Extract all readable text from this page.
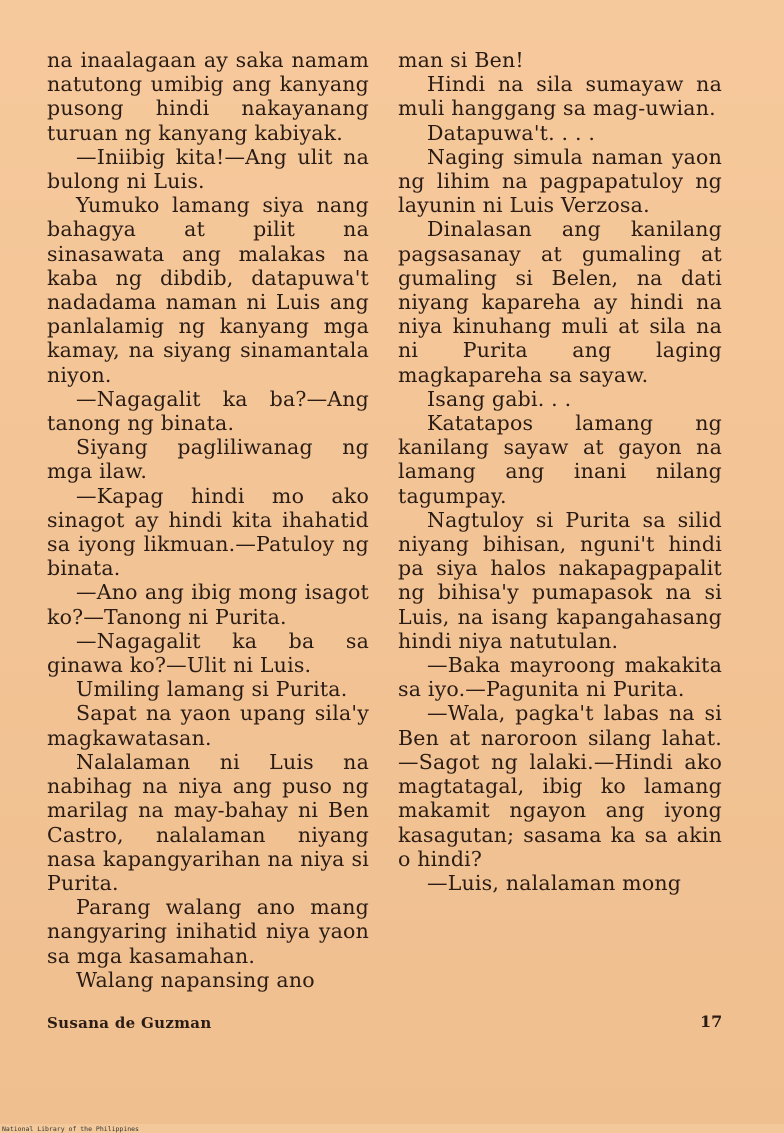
na inaalagaan ay saka namam natutong umibig ang kanyang pusong hindi nakayanang turuan ng kanyang kabiyak.

—Iniibig kita!—Ang ulit na bulong ni Luis.

Yumuko lamang siya nang bahagya at pilit na sinasawata ang malakas na kaba ng dibdib, datapuwa't nadadama naman ni Luis ang panlalamig ng kanyang mga kamay, na siyang sinamantala niyon.

—Nagagalit ka ba?—Ang tanong ng binata.

Siyang pagliliwanag ng mga ilaw.

—Kapag hindi mo ako sinagot ay hindi kita ihahatid sa iyong likmuan.—Patuloy ng binata.

—Ano ang ibig mong isagot ko?—Tanong ni Purita.

—Nagagalit ka ba sa ginawa ko?—Ulit ni Luis.

Umiling lamang si Purita.

Sapat na yaon upang sila'y magkawatasan.

Nalalaman ni Luis na nabihag na niya ang puso ng marilag na may-bahay ni Ben Castro, nalalaman niyang nasa kapangyarihan na niya si Purita.

Parang walang ano mang nangyaring inihatid niya yaon sa mga kasamahan.

Walang napansing ano

man si Ben!

Hindi na sila sumayaw na muli hanggang sa mag-uwian.

Datapuwa't. . . .

Naging simula naman yaon ng lihim na pagpapatuloy ng layunin ni Luis Verzosa.

Dinalasan ang kanilang pagsasanay at gumaling at gumaling si Belen, na dati niyang kapareha ay hindi na niya kinuhang muli at sila na ni Purita ang laging magkapareha sa sayaw.

Isang gabi. . .

Katatapos lamang ng kanilang sayaw at gayon na lamang ang inani nilang tagumpay.

Nagtuloy si Purita sa silid niyang bihisan, nguni't hindi pa siya halos nakapagpapalit ng bihisa'y pumapasok na si Luis, na isang kapangahasang hindi niya natutulan.

—Baka mayroong makakita sa iyo.—Pagunita ni Purita.

—Wala, pagka't labas na si Ben at naroroon silang lahat.—Sagot ng lalaki.—Hindi ako magtatagal, ibig ko lamang makamit ngayon ang iyong kasagutan; sasama ka sa akin o hindi?

—Luis, nalalaman mong

Susana de Guzman	17
National Library of the Philippines
